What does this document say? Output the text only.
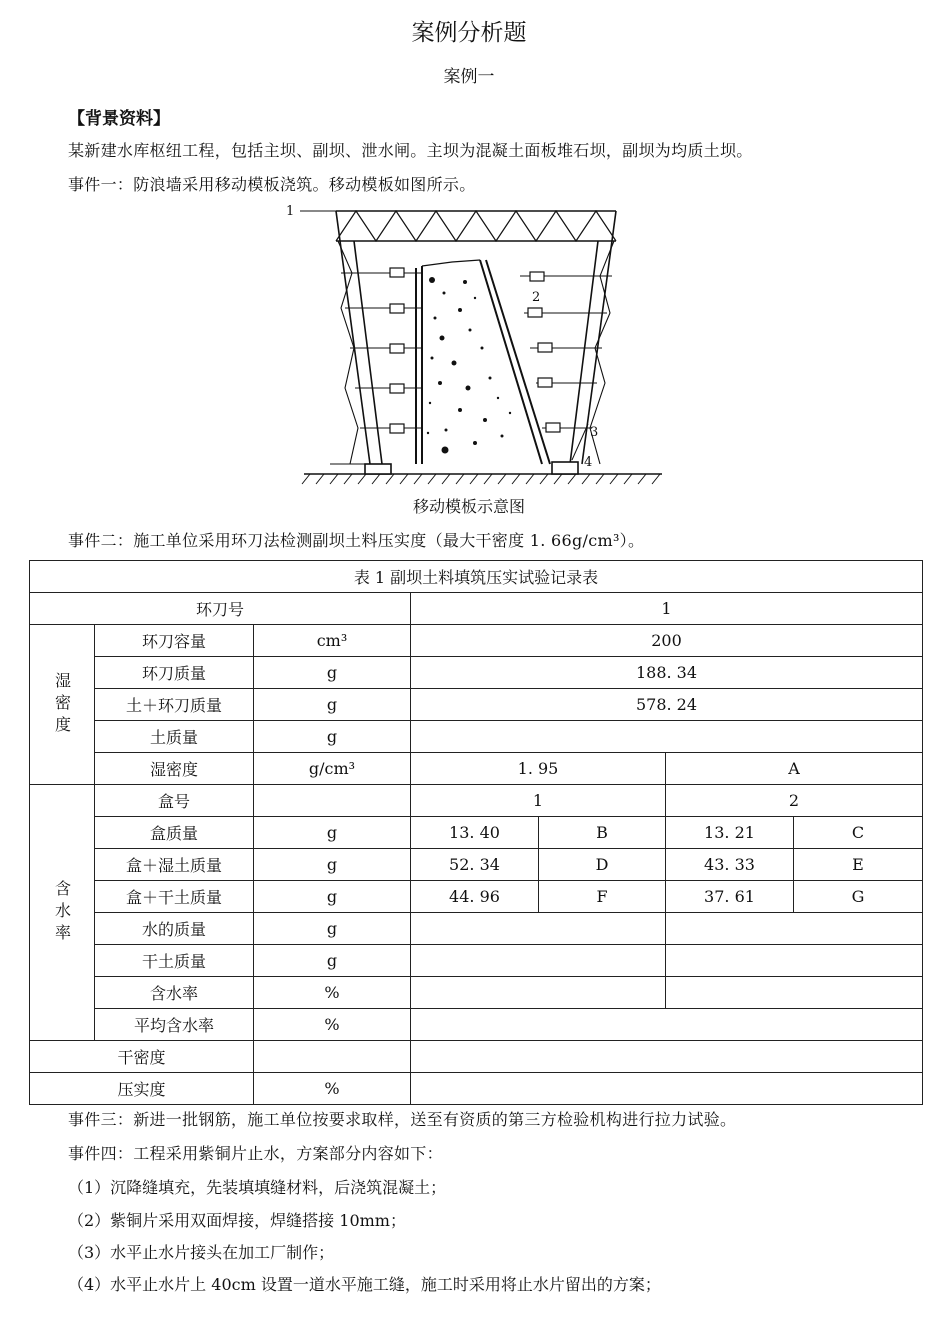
案例分析题
案例一
【背景资料】
某新建水库枢纽工程，包括主坝、副坝、泄水闸。主坝为混凝土面板堆石坝，副坝为均质土坝。
事件一：防浪墙采用移动模板浇筑。移动模板如图所示。
1
2
3
4
移动模板示意图
事件二：施工单位采用环刀法检测副坝土料压实度（最大干密度 1. 66g/cm³）。
表 1 副坝土料填筑压实试验记录表						
环刀号			1			
湿密度	环刀容量	cm³	200			
	环刀质量	g	188. 34			
	土＋环刀质量	g	578. 24			
	土质量	g				
	湿密度	g/cm³	1. 95		A	
含水率	盒号		1		2	
	盒质量	g	13. 40	B	13. 21	C
	盒＋湿土质量	g	52. 34	D	43. 33	E
	盒＋干土质量	g	44. 96	F	37. 61	G
	水的质量	g				
	干土质量	g				
	含水率	%				
	平均含水率	%				
干密度						
压实度		%				
事件三：新进一批钢筋，施工单位按要求取样，送至有资质的第三方检验机构进行拉力试验。
事件四：工程采用紫铜片止水，方案部分内容如下：
（1）沉降缝填充，先装填填缝材料，后浇筑混凝土；
（2）紫铜片采用双面焊接，焊缝搭接 10mm；
（3）水平止水片接头在加工厂制作；
（4）水平止水片上 40cm 设置一道水平施工缝，施工时采用将止水片留出的方案；
